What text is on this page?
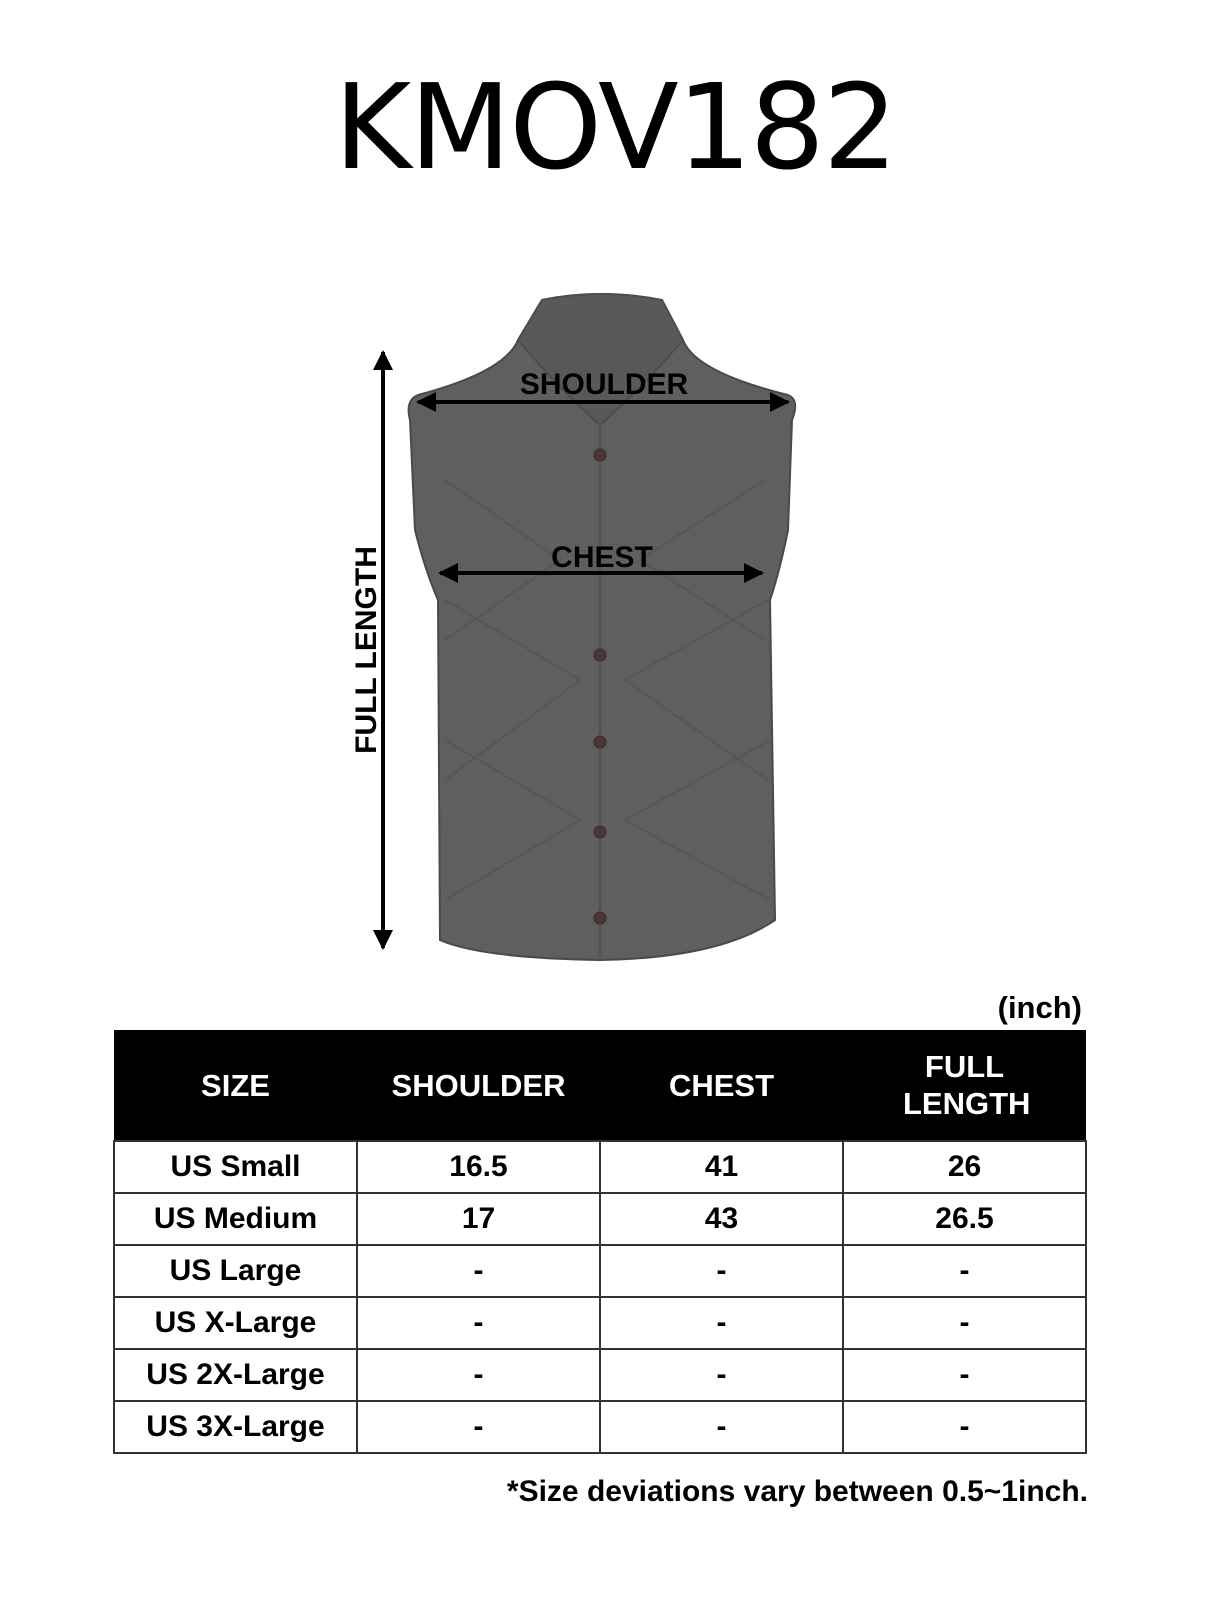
KMOV182
SHOULDER
CHEST
FULL LENGTH
(inch)
SIZE	SHOULDER	CHEST	FULL LENGTH
US Small	16.5	41	26
US Medium	17	43	26.5
US Large	-	-	-
US X-Large	-	-	-
US 2X-Large	-	-	-
US 3X-Large	-	-	-
*Size deviations vary between 0.5~1inch.
